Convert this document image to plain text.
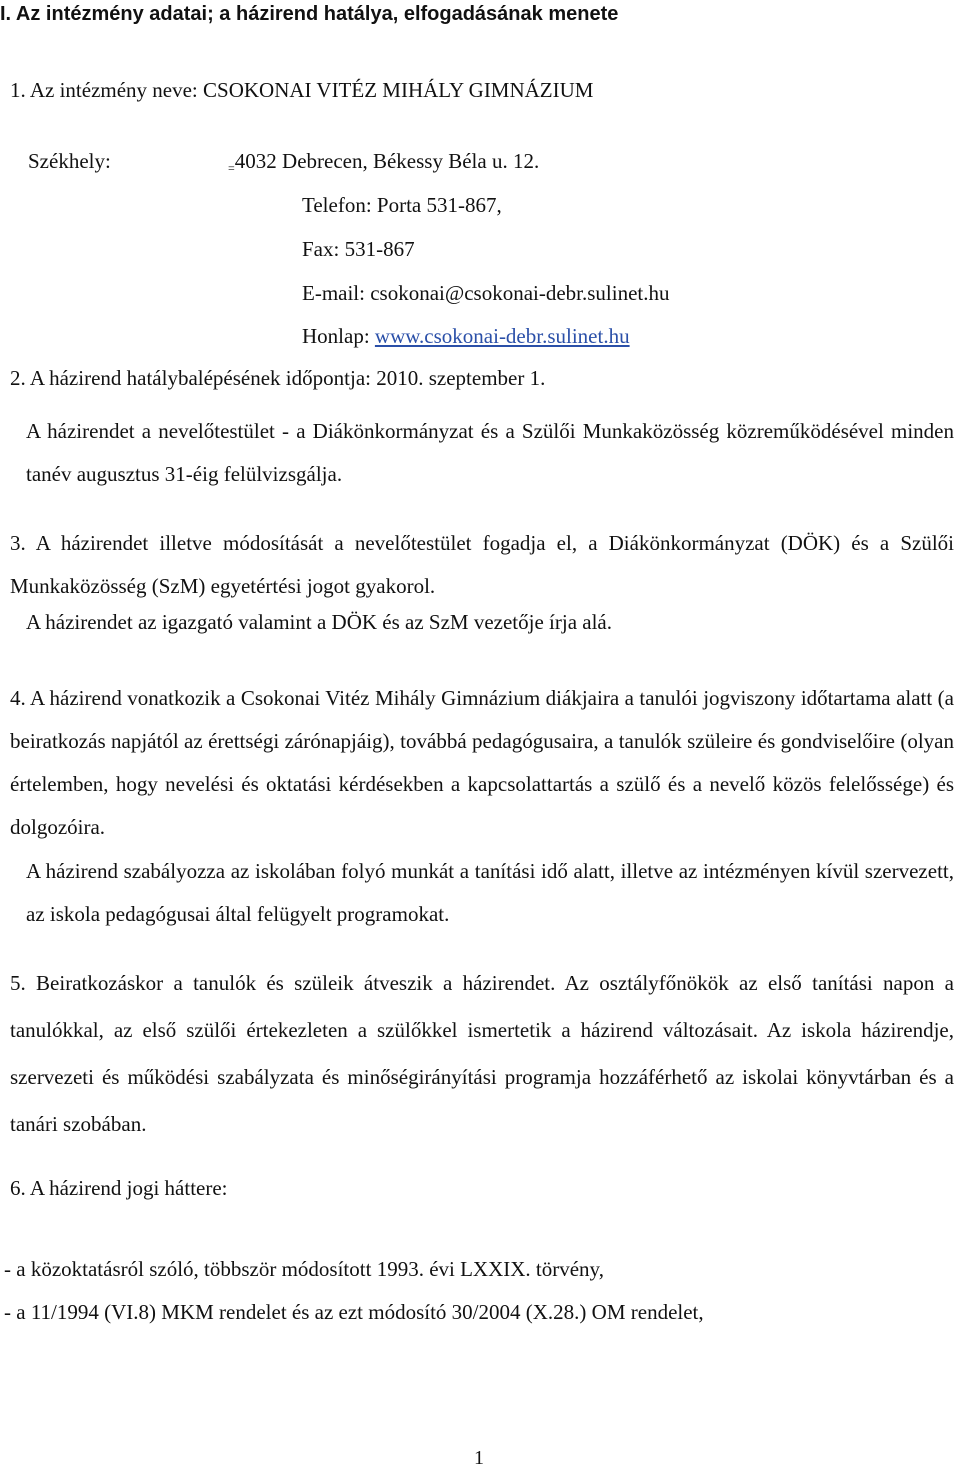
I. Az intézmény adatai; a házirend hatálya, elfogadásának menete
1. Az intézmény neve: CSOKONAI VITÉZ MIHÁLY GIMNÁZIUM
Székhely:	=4032 Debrecen, Békessy Béla u. 12.
Telefon: Porta 531-867,
Fax: 531-867
E-mail: csokonai@csokonai-debr.sulinet.hu
Honlap: www.csokonai-debr.sulinet.hu
2. A házirend hatálybalépésének időpontja: 2010. szeptember 1.
A házirendet a nevelőtestület - a Diákönkormányzat és a Szülői Munkaközösség közreműködésével minden tanév augusztus 31-éig felülvizsgálja.
3. A házirendet illetve módosítását a nevelőtestület fogadja el, a Diákönkormányzat (DÖK) és a Szülői Munkaközösség (SzM) egyetértési jogot gyakorol.
A házirendet az igazgató valamint a DÖK és az SzM vezetője írja alá.
4. A házirend vonatkozik a Csokonai Vitéz Mihály Gimnázium diákjaira a tanulói jogviszony időtartama alatt (a beiratkozás napjától az érettségi zárónapjáig), továbbá pedagógusaira, a tanulók szüleire és gondviselőire (olyan értelemben, hogy nevelési és oktatási kérdésekben a kapcsolattartás a szülő és a nevelő közös felelőssége) és dolgozóira.
A házirend szabályozza az iskolában folyó munkát a tanítási idő alatt, illetve az intézményen kívül szervezett, az iskola pedagógusai által felügyelt programokat.
5. Beiratkozáskor a tanulók és szüleik átveszik a házirendet. Az osztályfőnökök az első tanítási napon a tanulókkal, az első szülői értekezleten a szülőkkel ismertetik a házirend változásait. Az iskola házirendje, szervezeti és működési szabályzata és minőségirányítási programja hozzáférhető az iskolai könyvtárban és a tanári szobában.
6. A házirend jogi háttere:
- a közoktatásról szóló, többször módosított 1993. évi LXXIX. törvény,
- a 11/1994 (VI.8) MKM rendelet és az ezt módosító 30/2004 (X.28.) OM rendelet,
1
